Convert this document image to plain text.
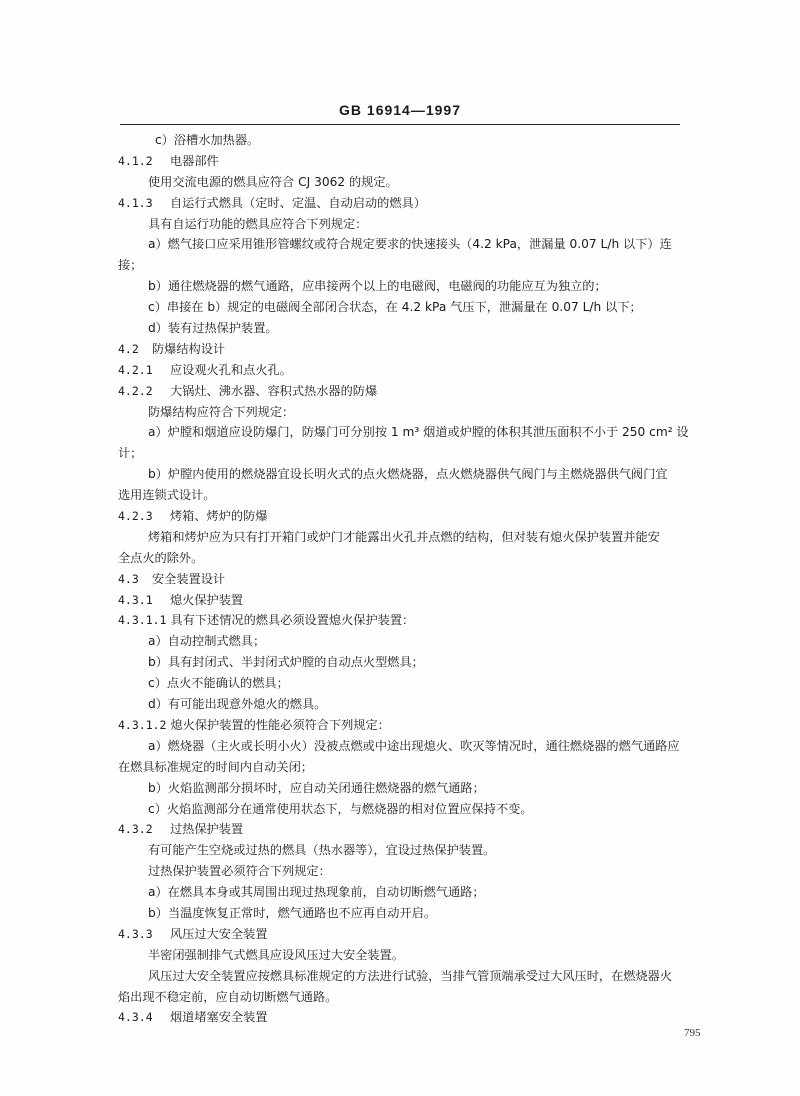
GB 16914—1997
c）浴槽水加热器。
4.1.2 电器部件
使用交流电源的燃具应符合 CJ 3062 的规定。
4.1.3 自运行式燃具（定时、定温、自动启动的燃具）
具有自运行功能的燃具应符合下列规定：
a）燃气接口应采用锥形管螺纹或符合规定要求的快速接头（4.2 kPa，泄漏量 0.07 L/h 以下）连
接；
b）通往燃烧器的燃气通路，应串接两个以上的电磁阀，电磁阀的功能应互为独立的；
c）串接在 b）规定的电磁阀全部闭合状态，在 4.2 kPa 气压下，泄漏量在 0.07 L/h 以下；
d）装有过热保护装置。
4.2 防爆结构设计
4.2.1 应设观火孔和点火孔。
4.2.2 大锅灶、沸水器、容积式热水器的防爆
防爆结构应符合下列规定：
a）炉膛和烟道应设防爆门，防爆门可分别按 1 m³ 烟道或炉膛的体积其泄压面积不小于 250 cm² 设
计；
b）炉膛内使用的燃烧器宜设长明火式的点火燃烧器，点火燃烧器供气阀门与主燃烧器供气阀门宜
选用连锁式设计。
4.2.3 烤箱、烤炉的防爆
烤箱和烤炉应为只有打开箱门或炉门才能露出火孔并点燃的结构，但对装有熄火保护装置并能安
全点火的除外。
4.3 安全装置设计
4.3.1 熄火保护装置
4.3.1.1 具有下述情况的燃具必须设置熄火保护装置：
a）自动控制式燃具；
b）具有封闭式、半封闭式炉膛的自动点火型燃具；
c）点火不能确认的燃具；
d）有可能出现意外熄火的燃具。
4.3.1.2 熄火保护装置的性能必须符合下列规定：
a）燃烧器（主火或长明小火）没被点燃或中途出现熄火、吹灭等情况时，通往燃烧器的燃气通路应
在燃具标准规定的时间内自动关闭；
b）火焰监测部分损坏时，应自动关闭通往燃烧器的燃气通路；
c）火焰监测部分在通常使用状态下，与燃烧器的相对位置应保持不变。
4.3.2 过热保护装置
有可能产生空烧或过热的燃具（热水器等），宜设过热保护装置。
过热保护装置必须符合下列规定：
a）在燃具本身或其周围出现过热现象前，自动切断燃气通路；
b）当温度恢复正常时，燃气通路也不应再自动开启。
4.3.3 风压过大安全装置
半密闭强制排气式燃具应设风压过大安全装置。
风压过大安全装置应按燃具标准规定的方法进行试验，当排气管顶端承受过大风压时，在燃烧器火
焰出现不稳定前，应自动切断燃气通路。
4.3.4 烟道堵塞安全装置
795
